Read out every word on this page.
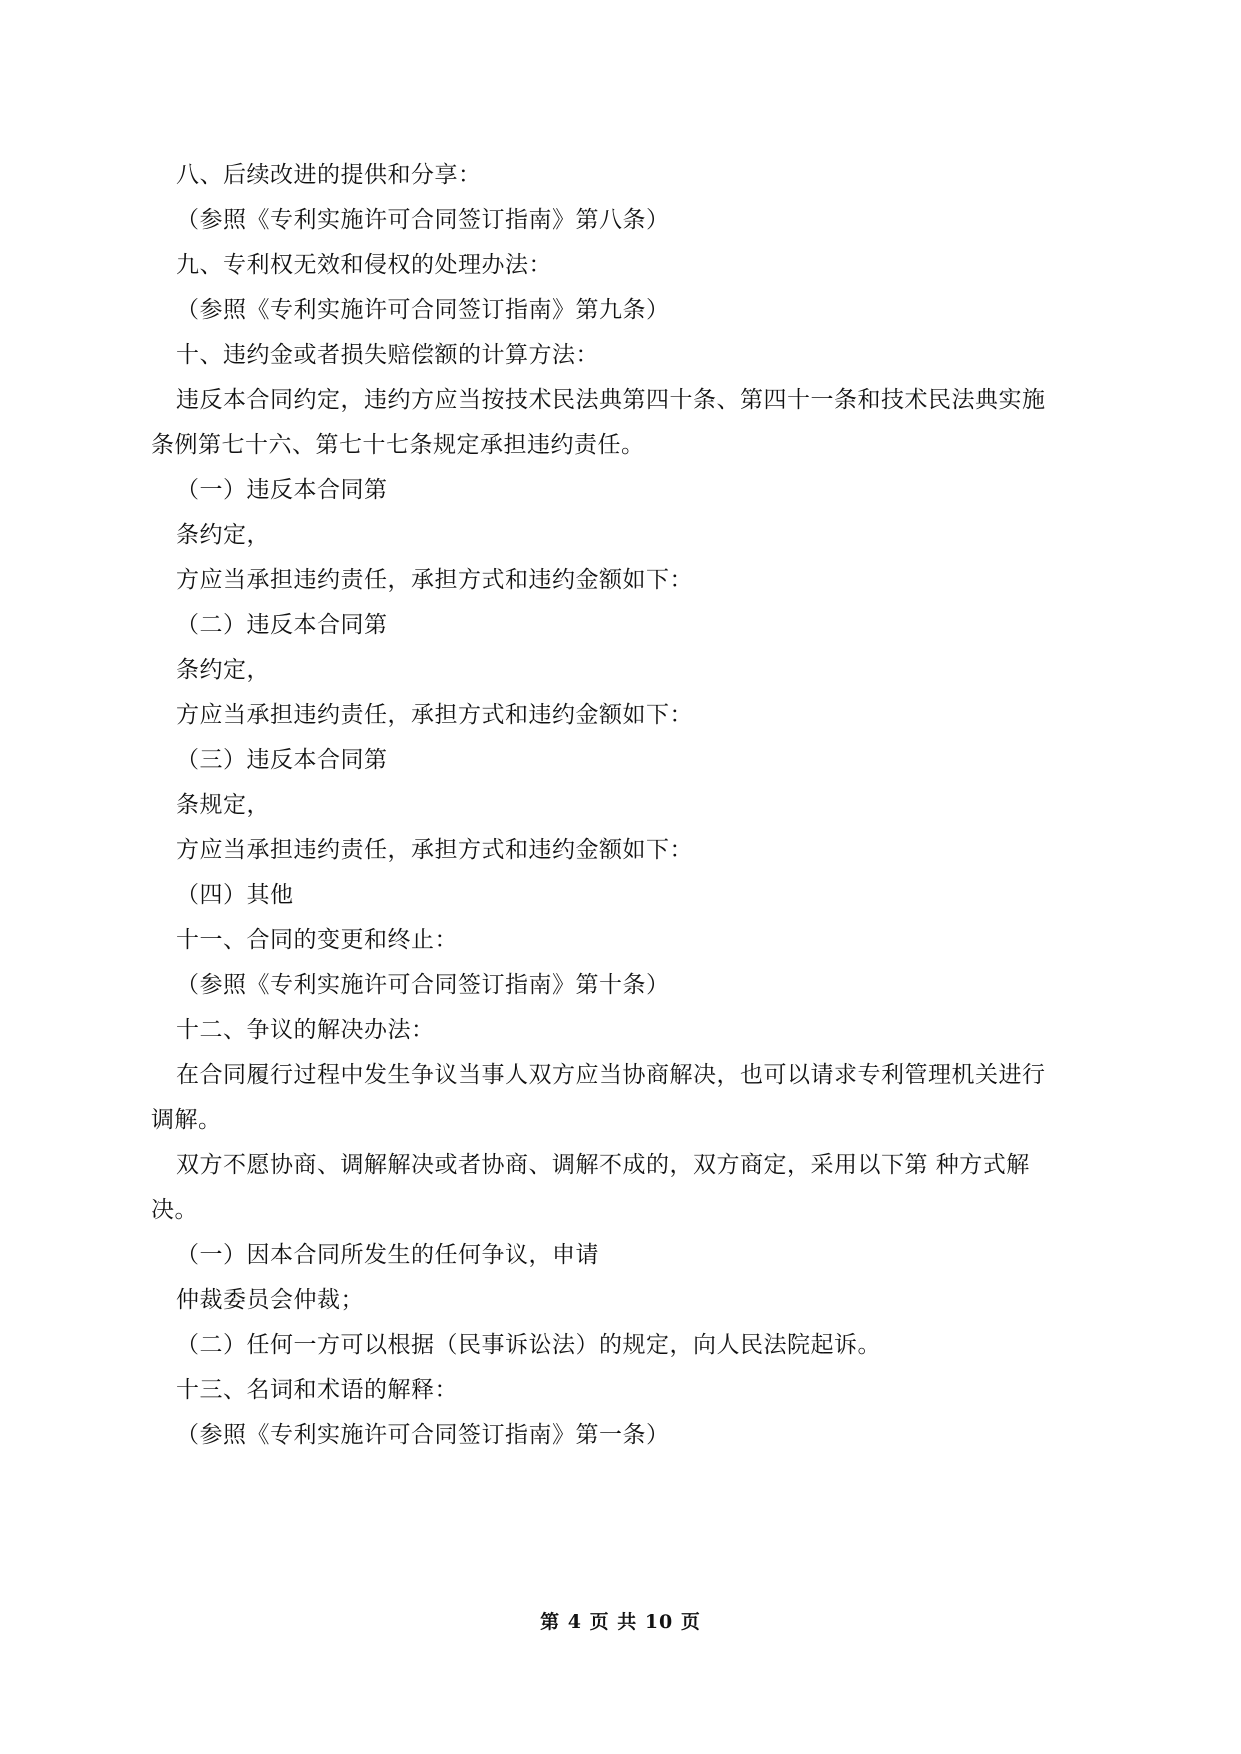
八、后续改进的提供和分享：
（参照《专利实施许可合同签订指南》第八条）
九、专利权无效和侵权的处理办法：
（参照《专利实施许可合同签订指南》第九条）
十、违约金或者损失赔偿额的计算方法：
违反本合同约定，违约方应当按技术民法典第四十条、第四十一条和技术民法典实施
条例第七十六、第七十七条规定承担违约责任。
（一）违反本合同第
条约定，
方应当承担违约责任，承担方式和违约金额如下：
（二）违反本合同第
条约定，
方应当承担违约责任，承担方式和违约金额如下：
（三）违反本合同第
条规定，
方应当承担违约责任，承担方式和违约金额如下：
（四）其他
十一、合同的变更和终止：
（参照《专利实施许可合同签订指南》第十条）
十二、争议的解决办法：
在合同履行过程中发生争议当事人双方应当协商解决，也可以请求专利管理机关进行
调解。
双方不愿协商、调解解决或者协商、调解不成的，双方商定，采用以下第 种方式解
决。
（一）因本合同所发生的任何争议，申请
仲裁委员会仲裁；
（二）任何一方可以根据（民事诉讼法）的规定，向人民法院起诉。
十三、名词和术语的解释：
（参照《专利实施许可合同签订指南》第一条）
第 4 页 共 10 页
